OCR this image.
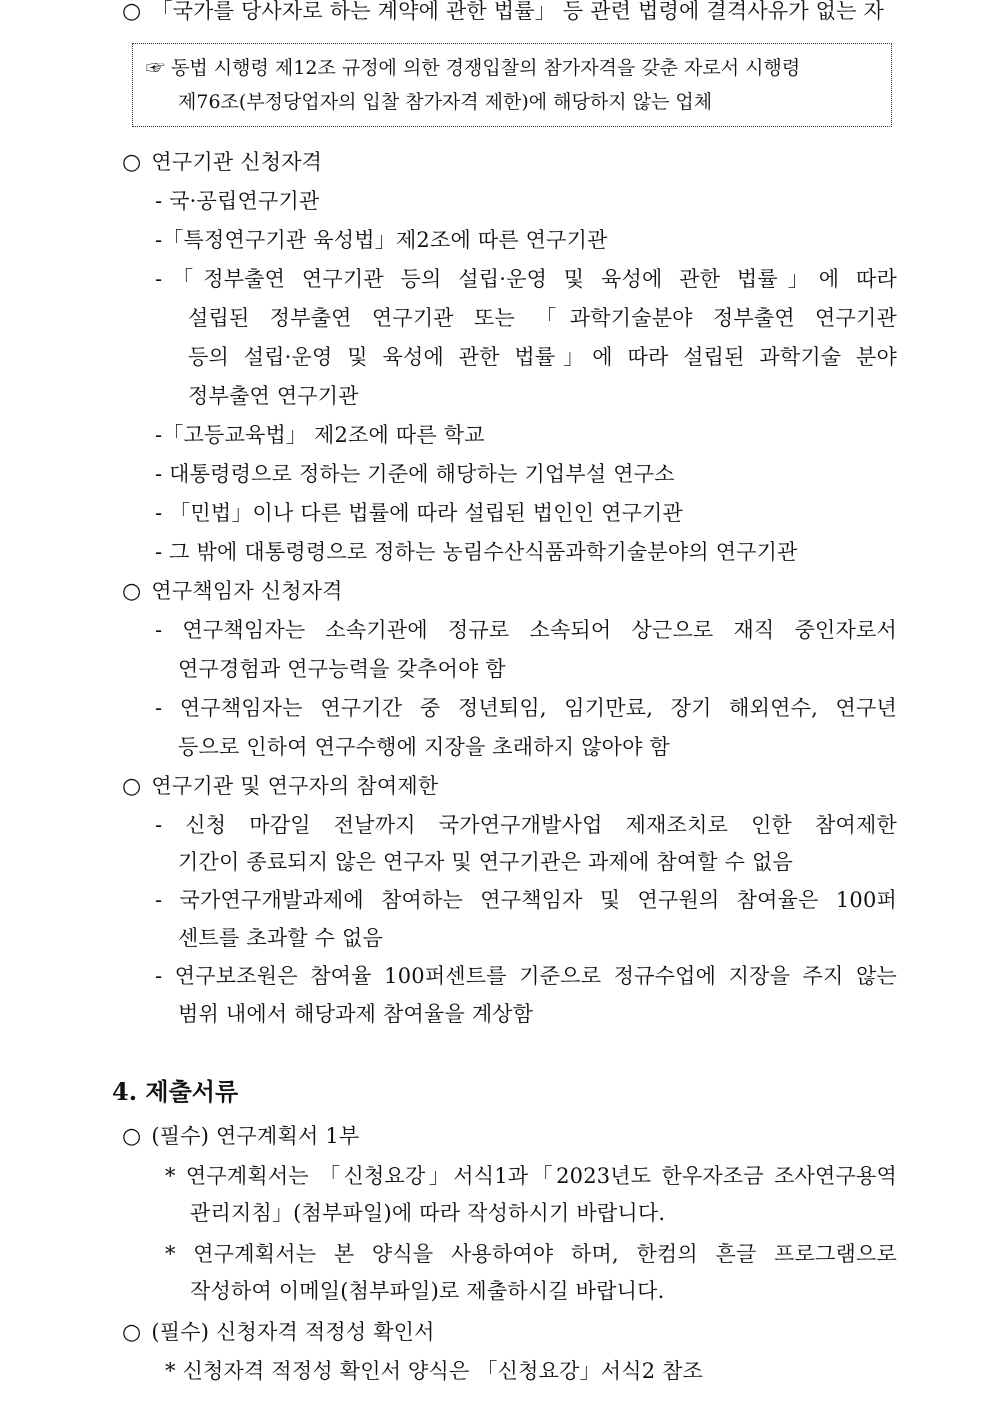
○ 「국가를 당사자로 하는 계약에 관한 법률」 등 관련 법령에 결격사유가 없는 자
☞ 동법 시행령 제12조 규정에 의한 경쟁입찰의 참가자격을 갖춘 자로서 시행령
제76조(부정당업자의 입찰 참가자격 제한)에 해당하지 않는 업체
○ 연구기관 신청자격
- 국·공립연구기관
-「특정연구기관 육성법」제2조에 따른 연구기관
-「정부출연 연구기관 등의 설립·운영 및 육성에 관한 법률」에 따라
설립된 정부출연 연구기관 또는 「과학기술분야 정부출연 연구기관
등의 설립·운영 및 육성에 관한 법률」에 따라 설립된 과학기술 분야
정부출연 연구기관
-「고등교육법」 제2조에 따른 학교
- 대통령령으로 정하는 기준에 해당하는 기업부설 연구소
- 「민법」이나 다른 법률에 따라 설립된 법인인 연구기관
- 그 밖에 대통령령으로 정하는 농림수산식품과학기술분야의 연구기관
○ 연구책임자 신청자격
- 연구책임자는 소속기관에 정규로 소속되어 상근으로 재직 중인자로서
연구경험과 연구능력을 갖추어야 함
- 연구책임자는 연구기간 중 정년퇴임, 임기만료, 장기 해외연수, 연구년
등으로 인하여 연구수행에 지장을 초래하지 않아야 함
○ 연구기관 및 연구자의 참여제한
- 신청 마감일 전날까지 국가연구개발사업 제재조치로 인한 참여제한
기간이 종료되지 않은 연구자 및 연구기관은 과제에 참여할 수 없음
- 국가연구개발과제에 참여하는 연구책임자 및 연구원의 참여율은 100퍼
센트를 초과할 수 없음
- 연구보조원은 참여율 100퍼센트를 기준으로 정규수업에 지장을 주지 않는
범위 내에서 해당과제 참여율을 계상함
4. 제출서류
○ (필수) 연구계획서 1부
* 연구계획서는 「신청요강」서식1과「2023년도 한우자조금 조사연구용역
관리지침」(첨부파일)에 따라 작성하시기 바랍니다.
* 연구계획서는 본 양식을 사용하여야 하며, 한컴의 흔글 프로그램으로
작성하여 이메일(첨부파일)로 제출하시길 바랍니다.
○ (필수) 신청자격 적정성 확인서
* 신청자격 적정성 확인서 양식은 「신청요강」서식2 참조
